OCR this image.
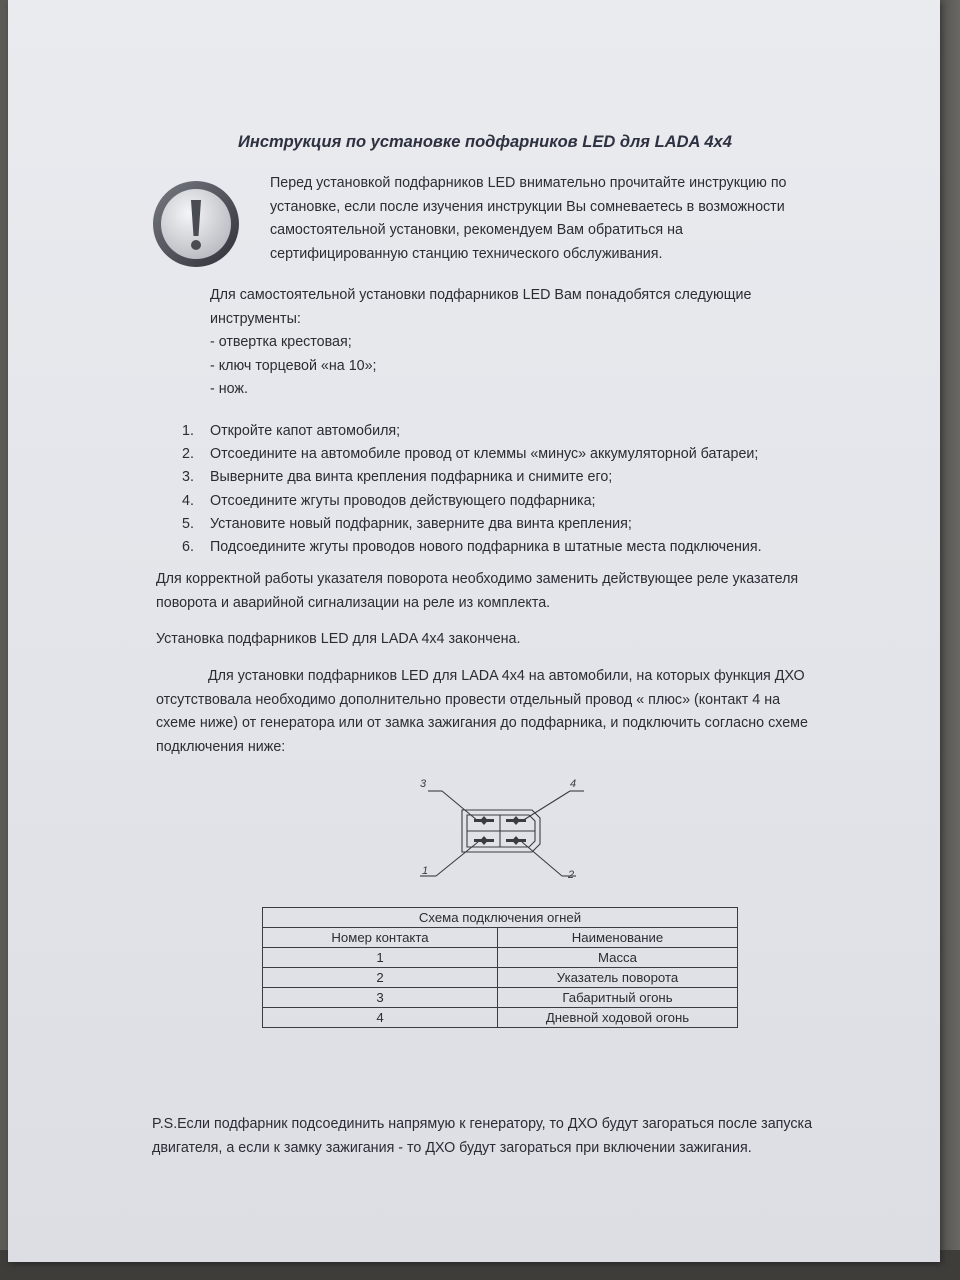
Инструкция по установке подфарников LED для LADA 4x4
Перед установкой подфарников LED внимательно прочитайте инструкцию по
установке, если после изучения инструкции Вы сомневаетесь в возможности
самостоятельной установки, рекомендуем Вам обратиться на
сертифицированную станцию технического обслуживания.
Для самостоятельной установки подфарников LED Вам понадобятся следующие
инструменты:
- отвертка крестовая;
- ключ торцевой «на 10»;
- нож.
1.	Откройте капот автомобиля;
2.	Отсоедините на автомобиле провод от клеммы «минус» аккумуляторной батареи;
3.	Выверните два винта крепления подфарника и снимите его;
4.	Отсоедините жгуты проводов действующего подфарника;
5.	Установите новый подфарник, заверните два винта крепления;
6.	Подсоедините жгуты проводов нового подфарника в штатные места подключения.
Для корректной работы указателя поворота необходимо заменить действующее реле указателя
поворота и аварийной сигнализации на реле из комплекта.
Установка подфарников LED для LADA 4x4 закончена.
Для установки подфарников LED для LADA 4x4 на автомобили, на которых функция ДХО
отсутствовала необходимо дополнительно провести отдельный провод « плюс» (контакт 4 на
схеме ниже) от генератора или от замка зажигания до подфарника, и подключить согласно схеме
подключения ниже:
3	4
1	2
Схема подключения огней	
Номер контакта	Наименование
1	Масса
2	Указатель поворота
3	Габаритный огонь
4	Дневной ходовой огонь
P.S.Если подфарник подсоединить напрямую к генератору, то ДХО будут загораться после запуска
двигателя, а если к замку зажигания - то ДХО будут загораться при включении зажигания.
